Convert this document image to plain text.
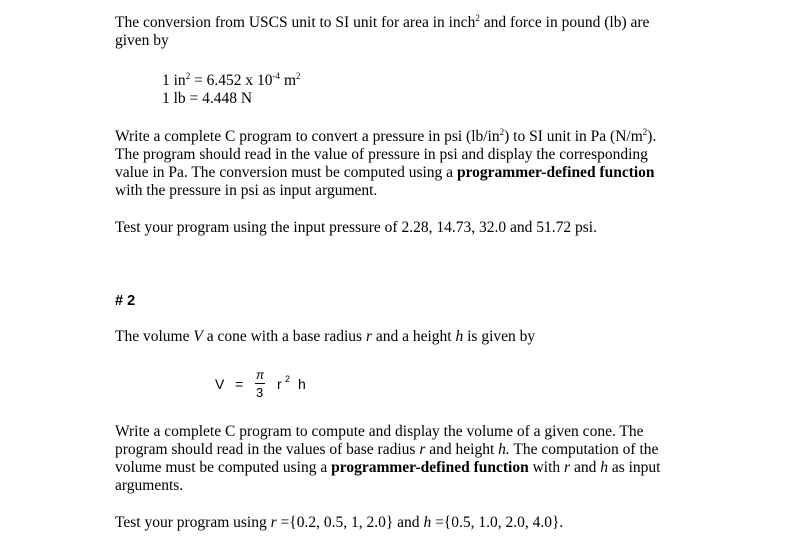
The conversion from USCS unit to SI unit for area in inch$^2$ and force in pound (lb) are
given by

1 $in^2 = 6.452$ x $10^{-4}$ $m^2$

1 lb = 4.448 N

Write a complete C program to convert a pressure in psi $(lb/in^2)$ to SI unit in Pa $(N/m^2)$.
The program should read in the value of pressure in psi and display the corresponding
value in Pa. The conversion must be computed using a programmer-defined function
with the pressure in psi as input argument.

Test your program using the input pressure of 2.28, 14.73, 32.0 and 51.72 psi.

# 2

The volume V a cone with a base radius r and a height h is given by

V =
π
3
r 2 h

Write a complete C program to compute and display the volume of a given cone. The
program should read in the values of base radius r and height h. The computation of the
volume must be computed using a programmer-defined function with r and h as input
arguments.

Test your program using r ={0.2, 0.5, 1, 2.0} and h ={0.5, 1.0, 2.0, 4.0}.
